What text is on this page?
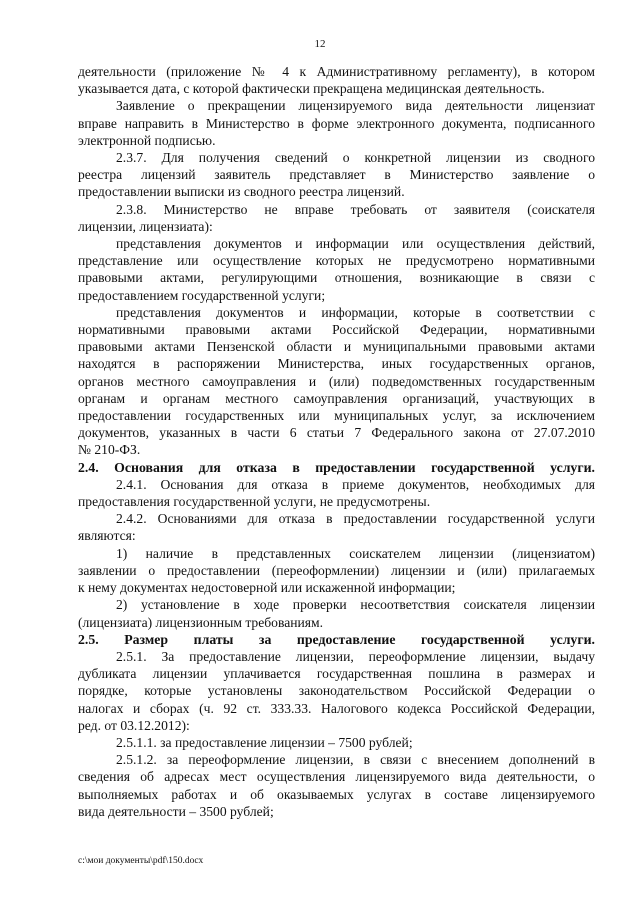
12

деятельности (приложение № 4 к Административному регламенту), в котором

указывается дата, с которой фактически прекращена медицинская деятельность.

Заявление о прекращении лицензируемого вида деятельности лицензиат

вправе направить в Министерство в форме электронного документа, подписанного

электронной подписью.

2.3.7. Для получения сведений о конкретной лицензии из сводного

реестра лицензий заявитель представляет в Министерство заявление о

предоставлении выписки из сводного реестра лицензий.

2.3.8. Министерство не вправе требовать от заявителя (соискателя

лицензии, лицензиата):

представления документов и информации или осуществления действий,

представление или осуществление которых не предусмотрено нормативными

правовыми актами, регулирующими отношения, возникающие в связи с

предоставлением государственной услуги;

представления документов и информации, которые в соответствии с

нормативными правовыми актами Российской Федерации, нормативными

правовыми актами Пензенской области и муниципальными правовыми актами

находятся в распоряжении Министерства, иных государственных органов,

органов местного самоуправления и (или) подведомственных государственным

органам и органам местного самоуправления организаций, участвующих в

предоставлении государственных или муниципальных услуг, за исключением

документов, указанных в части 6 статьи 7 Федерального закона от 27.07.2010

№ 210-ФЗ.

2.4. Основания для отказа в предоставлении государственной услуги.

2.4.1. Основания для отказа в приеме документов, необходимых для

предоставления государственной услуги, не предусмотрены.

2.4.2. Основаниями для отказа в предоставлении государственной услуги

являются:

1) наличие в представленных соискателем лицензии (лицензиатом)

заявлении о предоставлении (переоформлении) лицензии и (или) прилагаемых

к нему документах недостоверной или искаженной информации;

2) установление в ходе проверки несоответствия соискателя лицензии

(лицензиата) лицензионным требованиям.

2.5. Размер платы за предоставление государственной услуги.

2.5.1. За предоставление лицензии, переоформление лицензии, выдачу

дубликата лицензии уплачивается государственная пошлина в размерах и

порядке, которые установлены законодательством Российской Федерации о

налогах и сборах (ч. 92 ст. 333.33. Налогового кодекса Российской Федерации,

ред. от 03.12.2012):

2.5.1.1. за предоставление лицензии – 7500 рублей;

2.5.1.2. за переоформление лицензии, в связи с внесением дополнений в

сведения об адресах мест осуществления лицензируемого вида деятельности, о

выполняемых работах и об оказываемых услугах в составе лицензируемого

вида деятельности – 3500 рублей;

c:\мои документы\pdf\150.docx
